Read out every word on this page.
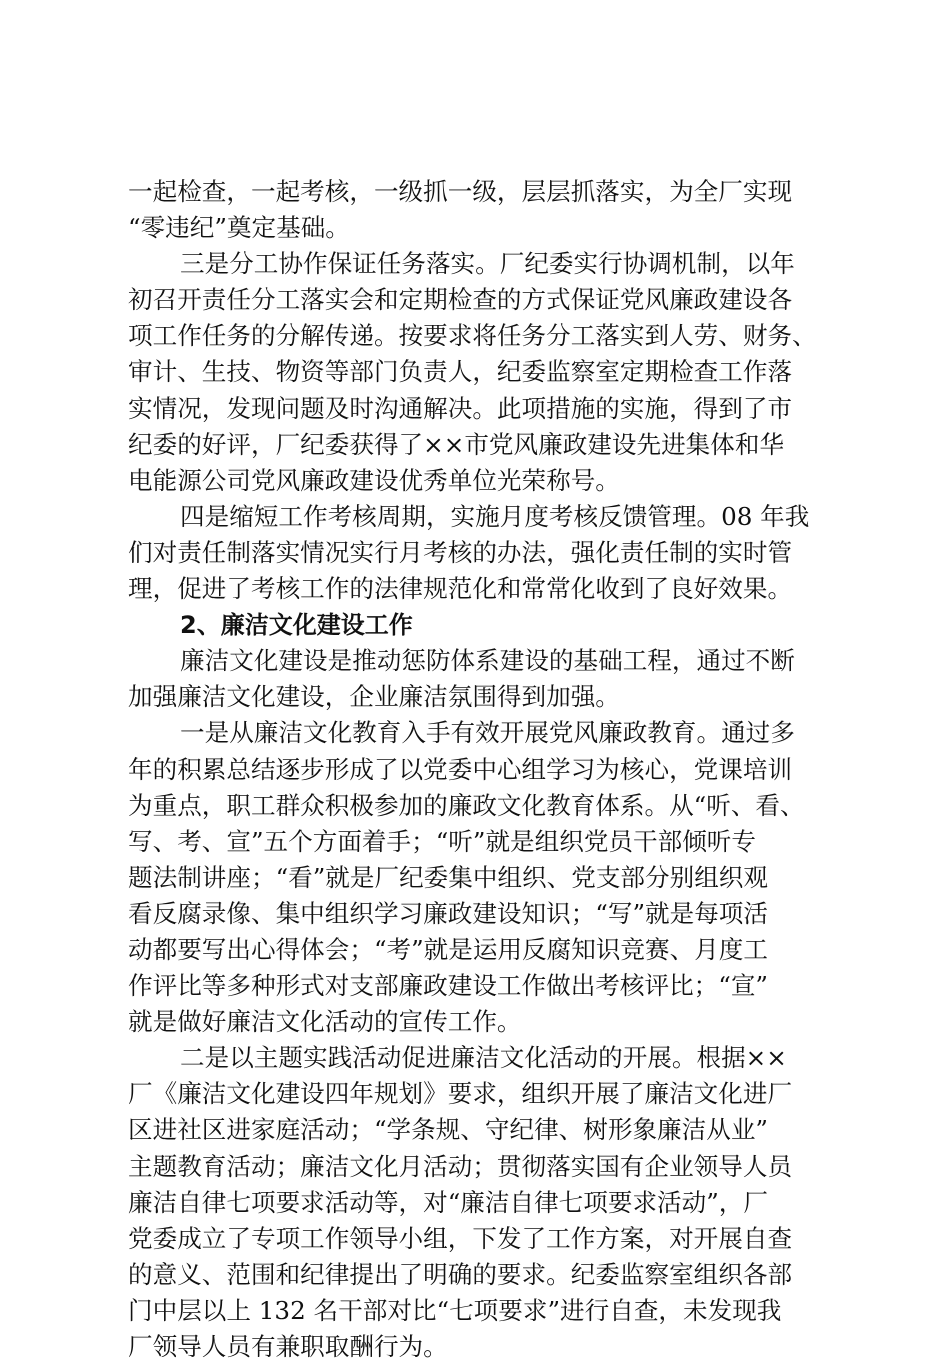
一起检查，一起考核，一级抓一级，层层抓落实，为全厂实现
“零违纪”奠定基础。
三是分工协作保证任务落实。厂纪委实行协调机制，以年
初召开责任分工落实会和定期检查的方式保证党风廉政建设各
项工作任务的分解传递。按要求将任务分工落实到人劳、财务、
审计、生技、物资等部门负责人，纪委监察室定期检查工作落
实情况，发现问题及时沟通解决。此项措施的实施，得到了市
纪委的好评，厂纪委获得了××市党风廉政建设先进集体和华
电能源公司党风廉政建设优秀单位光荣称号。
四是缩短工作考核周期，实施月度考核反馈管理。08 年我
们对责任制落实情况实行月考核的办法，强化责任制的实时管
理，促进了考核工作的法律规范化和常常化收到了良好效果。
2、廉洁文化建设工作
廉洁文化建设是推动惩防体系建设的基础工程，通过不断
加强廉洁文化建设，企业廉洁氛围得到加强。
一是从廉洁文化教育入手有效开展党风廉政教育。通过多
年的积累总结逐步形成了以党委中心组学习为核心，党课培训
为重点，职工群众积极参加的廉政文化教育体系。从“听、看、
写、考、宣”五个方面着手；“听”就是组织党员干部倾听专
题法制讲座；“看”就是厂纪委集中组织、党支部分别组织观
看反腐录像、集中组织学习廉政建设知识；“写”就是每项活
动都要写出心得体会；“考”就是运用反腐知识竞赛、月度工
作评比等多种形式对支部廉政建设工作做出考核评比；“宣”
就是做好廉洁文化活动的宣传工作。
二是以主题实践活动促进廉洁文化活动的开展。根据××
厂《廉洁文化建设四年规划》要求，组织开展了廉洁文化进厂
区进社区进家庭活动；“学条规、守纪律、树形象廉洁从业”
主题教育活动；廉洁文化月活动；贯彻落实国有企业领导人员
廉洁自律七项要求活动等，对“廉洁自律七项要求活动”，厂
党委成立了专项工作领导小组，下发了工作方案，对开展自查
的意义、范围和纪律提出了明确的要求。纪委监察室组织各部
门中层以上 132 名干部对比“七项要求”进行自查，未发现我
厂领导人员有兼职取酬行为。
